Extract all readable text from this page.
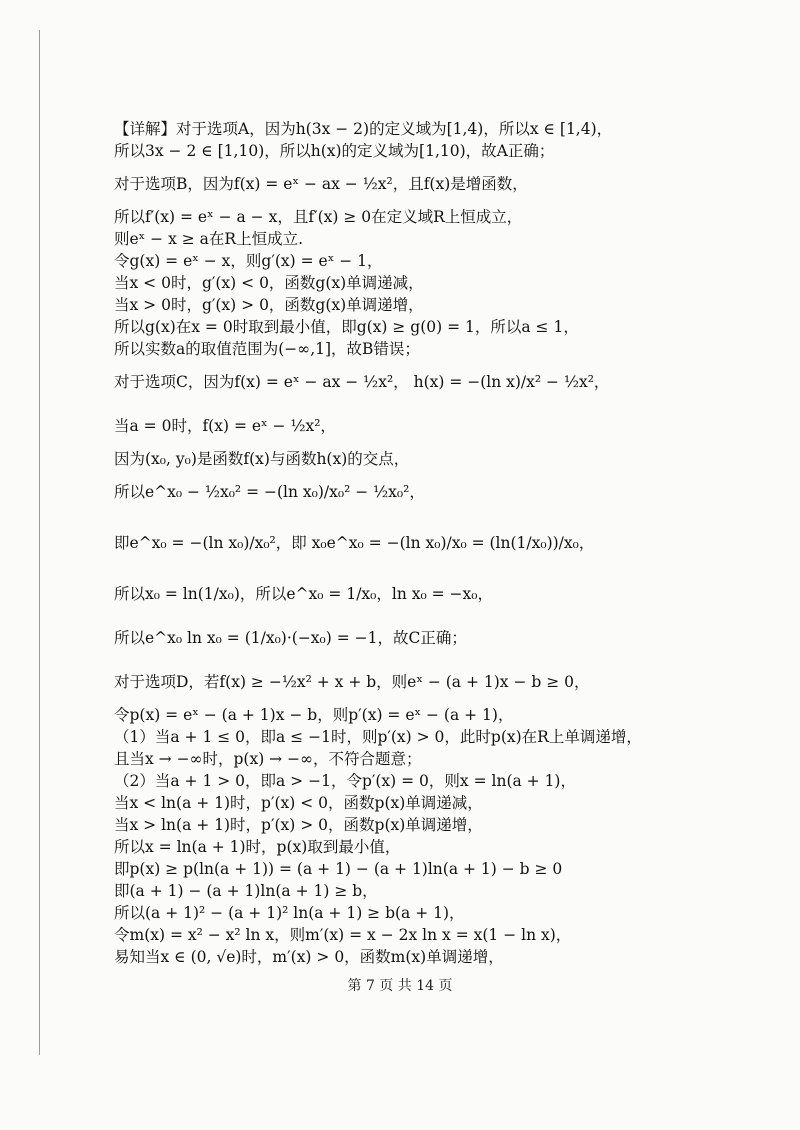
【详解】对于选项A，因为h(3x − 2)的定义域为[1,4)，所以x ∈ [1,4)，

所以3x − 2 ∈ [1,10)，所以h(x)的定义域为[1,10)，故A正确；

对于选项B，因为f(x) = eˣ − ax − ½x²，且f(x)是增函数，

所以f′(x) = eˣ − a − x，且f′(x) ≥ 0在定义域R上恒成立，

则eˣ − x ≥ a在R上恒成立.

令g(x) = eˣ − x，则g′(x) = eˣ − 1，

当x < 0时，g′(x) < 0，函数g(x)单调递减，

当x > 0时，g′(x) > 0，函数g(x)单调递增，

所以g(x)在x = 0时取到最小值，即g(x) ≥ g(0) = 1，所以a ≤ 1，

所以实数a的取值范围为(−∞,1]，故B错误；

对于选项C，因为f(x) = eˣ − ax − ½x²， h(x) = −(ln x)/x² − ½x²，

当a = 0时，f(x) = eˣ − ½x²，

因为(x₀, y₀)是函数f(x)与函数h(x)的交点，

所以e^x₀ − ½x₀² = −(ln x₀)/x₀² − ½x₀²，

即e^x₀ = −(ln x₀)/x₀²，即 x₀e^x₀ = −(ln x₀)/x₀ = (ln(1/x₀))/x₀，

所以x₀ = ln(1/x₀)，所以e^x₀ = 1/x₀，ln x₀ = −x₀，

所以e^x₀ ln x₀ = (1/x₀)·(−x₀) = −1，故C正确；

对于选项D，若f(x) ≥ −½x² + x + b，则eˣ − (a + 1)x − b ≥ 0，

令p(x) = eˣ − (a + 1)x − b，则p′(x) = eˣ − (a + 1)，

（1）当a + 1 ≤ 0，即a ≤ −1时，则p′(x) > 0，此时p(x)在R上单调递增，

且当x → −∞时，p(x) → −∞，不符合题意；

（2）当a + 1 > 0，即a > −1，令p′(x) = 0，则x = ln(a + 1)，

当x < ln(a + 1)时，p′(x) < 0，函数p(x)单调递减，

当x > ln(a + 1)时，p′(x) > 0，函数p(x)单调递增，

所以x = ln(a + 1)时，p(x)取到最小值，

即p(x) ≥ p(ln(a + 1)) = (a + 1) − (a + 1)ln(a + 1) − b ≥ 0

即(a + 1) − (a + 1)ln(a + 1) ≥ b，

所以(a + 1)² − (a + 1)² ln(a + 1) ≥ b(a + 1)，

令m(x) = x² − x² ln x，则m′(x) = x − 2x ln x = x(1 − ln x)，

易知当x ∈ (0, √e)时，m′(x) > 0，函数m(x)单调递增，

第 7 页 共 14 页
